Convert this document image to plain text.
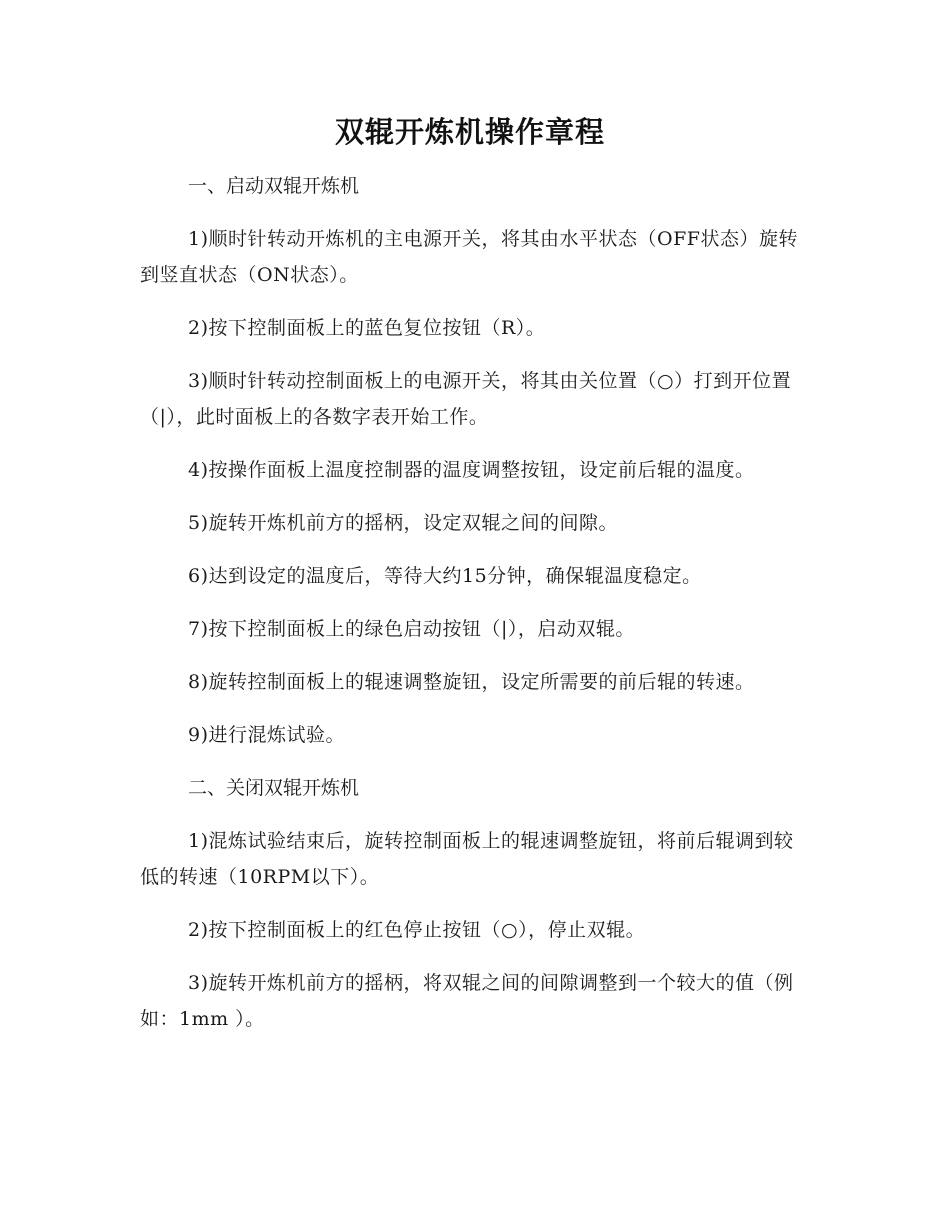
双辊开炼机操作章程

一、启动双辊开炼机

1)顺时针转动开炼机的主电源开关，将其由水平状态（OFF状态）旋转到竖直状态（ON状态）。

2)按下控制面板上的蓝色复位按钮（R）。

3)顺时针转动控制面板上的电源开关，将其由关位置（○）打到开位置（|），此时面板上的各数字表开始工作。

4)按操作面板上温度控制器的温度调整按钮，设定前后辊的温度。

5)旋转开炼机前方的摇柄，设定双辊之间的间隙。

6)达到设定的温度后，等待大约15分钟，确保辊温度稳定。

7)按下控制面板上的绿色启动按钮（|），启动双辊。

8)旋转控制面板上的辊速调整旋钮，设定所需要的前后辊的转速。

9)进行混炼试验。

二、关闭双辊开炼机

1)混炼试验结束后，旋转控制面板上的辊速调整旋钮，将前后辊调到较低的转速（10RPM以下）。

2)按下控制面板上的红色停止按钮（○），停止双辊。

3)旋转开炼机前方的摇柄，将双辊之间的间隙调整到一个较大的值（例如：1mm ）。
